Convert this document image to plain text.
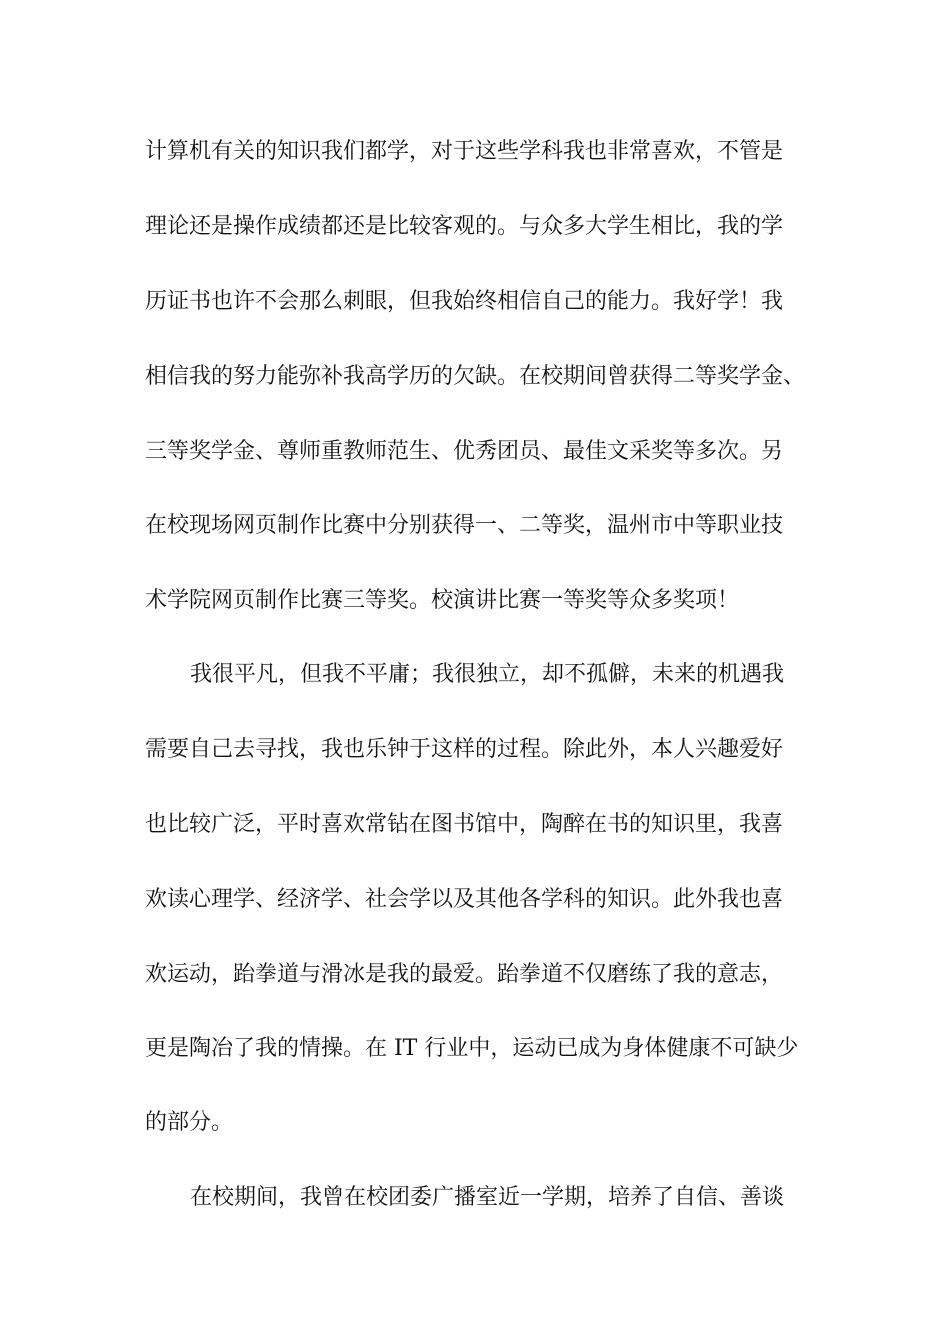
计算机有关的知识我们都学，对于这些学科我也非常喜欢，不管是
理论还是操作成绩都还是比较客观的。与众多大学生相比，我的学
历证书也许不会那么刺眼，但我始终相信自己的能力。我好学！我
相信我的努力能弥补我高学历的欠缺。在校期间曾获得二等奖学金、
三等奖学金、尊师重教师范生、优秀团员、最佳文采奖等多次。另
在校现场网页制作比赛中分别获得一、二等奖，温州市中等职业技
术学院网页制作比赛三等奖。校演讲比赛一等奖等众多奖项！
我很平凡，但我不平庸；我很独立，却不孤僻，未来的机遇我
需要自己去寻找，我也乐钟于这样的过程。除此外，本人兴趣爱好
也比较广泛，平时喜欢常钻在图书馆中，陶醉在书的知识里，我喜
欢读心理学、经济学、社会学以及其他各学科的知识。此外我也喜
欢运动，跆拳道与滑冰是我的最爱。跆拳道不仅磨练了我的意志，
更是陶冶了我的情操。在 IT 行业中，运动已成为身体健康不可缺少
的部分。
在校期间，我曾在校团委广播室近一学期，培养了自信、善谈
